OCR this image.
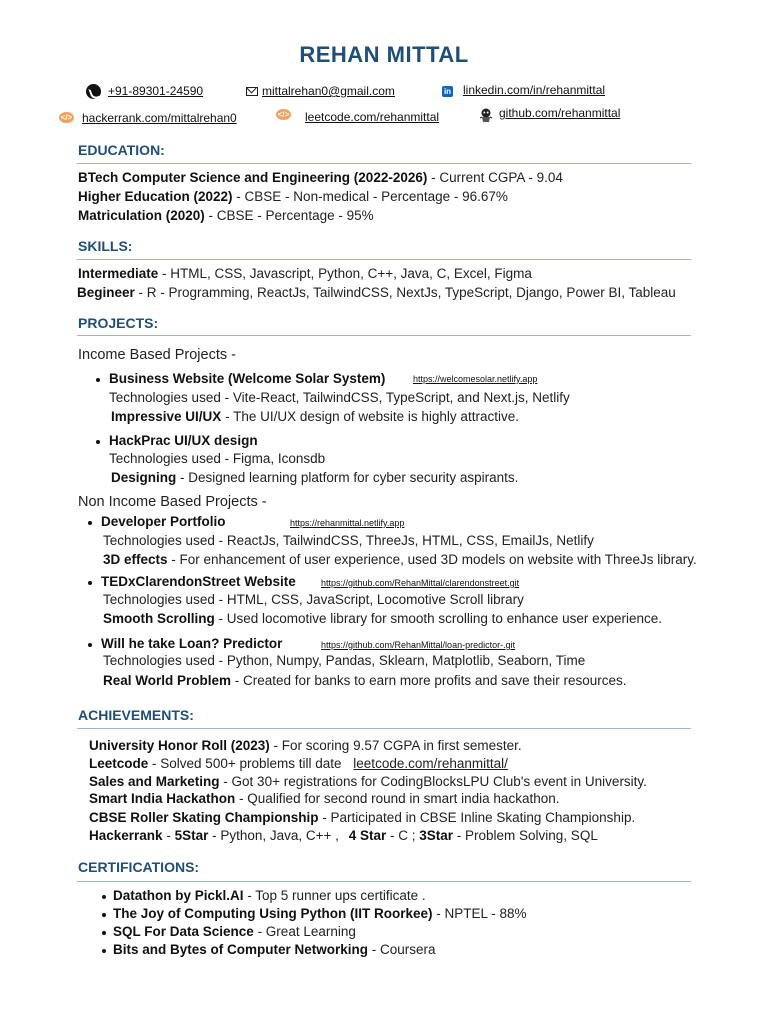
REHAN MITTAL
+91-89301-24590	mittalrehan0@gmail.com	in linkedin.com/in/rehanmittal
</> hackerrank.com/mittalrehan0	</> leetcode.com/rehanmittal	github.com/rehanmittal
EDUCATION:
BTech Computer Science and Engineering (2022-2026) - Current CGPA - 9.04
Higher Education (2022) - CBSE - Non-medical - Percentage - 96.67%
Matriculation (2020) - CBSE - Percentage - 95%
SKILLS:
Intermediate - HTML, CSS, Javascript, Python, C++, Java, C, Excel, Figma
Begineer - R - Programming, ReactJs, TailwindCSS, NextJs, TypeScript, Django, Power BI, Tableau
PROJECTS:
Income Based Projects -
Business Website (Welcome Solar System)	https://welcomesolar.netlify.app
Technologies used - Vite-React, TailwindCSS, TypeScript, and Next.js, Netlify
Impressive UI/UX - The UI/UX design of website is highly attractive.
HackPrac UI/UX design
Technologies used - Figma, Iconsdb
Designing - Designed learning platform for cyber security aspirants.
Non Income Based Projects -
Developer Portfolio	https://rehanmittal.netlify.app
Technologies used - ReactJs, TailwindCSS, ThreeJs, HTML, CSS, EmailJs, Netlify
3D effects - For enhancement of user experience, used 3D models on website with ThreeJs library.
TEDxClarendonStreet Website	https://github.com/RehanMittal/clarendonstreet.git
Technologies used - HTML, CSS, JavaScript, Locomotive Scroll library
Smooth Scrolling - Used locomotive library for smooth scrolling to enhance user experience.
Will he take Loan? Predictor	https://github.com/RehanMittal/loan-predictor-.git
Technologies used - Python, Numpy, Pandas, Sklearn, Matplotlib, Seaborn, Time
Real World Problem - Created for banks to earn more profits and save their resources.
ACHIEVEMENTS:
University Honor Roll (2023) - For scoring 9.57 CGPA in first semester.
Leetcode - Solved 500+ problems till date leetcode.com/rehanmittal/
Sales and Marketing - Got 30+ registrations for CodingBlocksLPU Club's event in University.
Smart India Hackathon - Qualified for second round in smart india hackathon.
CBSE Roller Skating Championship - Participated in CBSE Inline Skating Championship.
Hackerrank - 5Star - Python, Java, C++ , 4 Star - C ; 3Star - Problem Solving, SQL
CERTIFICATIONS:
Datathon by Pickl.AI - Top 5 runner ups certificate .
The Joy of Computing Using Python (IIT Roorkee) - NPTEL - 88%
SQL For Data Science - Great Learning
Bits and Bytes of Computer Networking - Coursera
